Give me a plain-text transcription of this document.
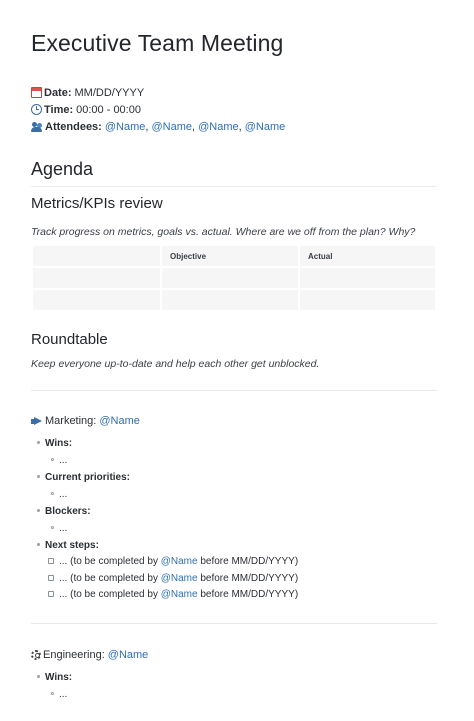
Executive Team Meeting
Date: MM/DD/YYYY
Time: 00:00 - 00:00
Attendees: @Name ,
@Name ,
@Name ,
@Name
Agenda
Metrics/KPIs review
Track progress on metrics, goals vs. actual. Where are we off from the plan? Why?
	Objective	Actual

Roundtable
Keep everyone up-to-date and help each other get unblocked.
Marketing: @Name
Wins:
...
Current priorities:
...
Blockers:
...
Next steps:
... (to be completed by @Name before MM/DD/YYYY)
... (to be completed by @Name before MM/DD/YYYY)
... (to be completed by @Name before MM/DD/YYYY)
Engineering: @Name
Wins:
...
